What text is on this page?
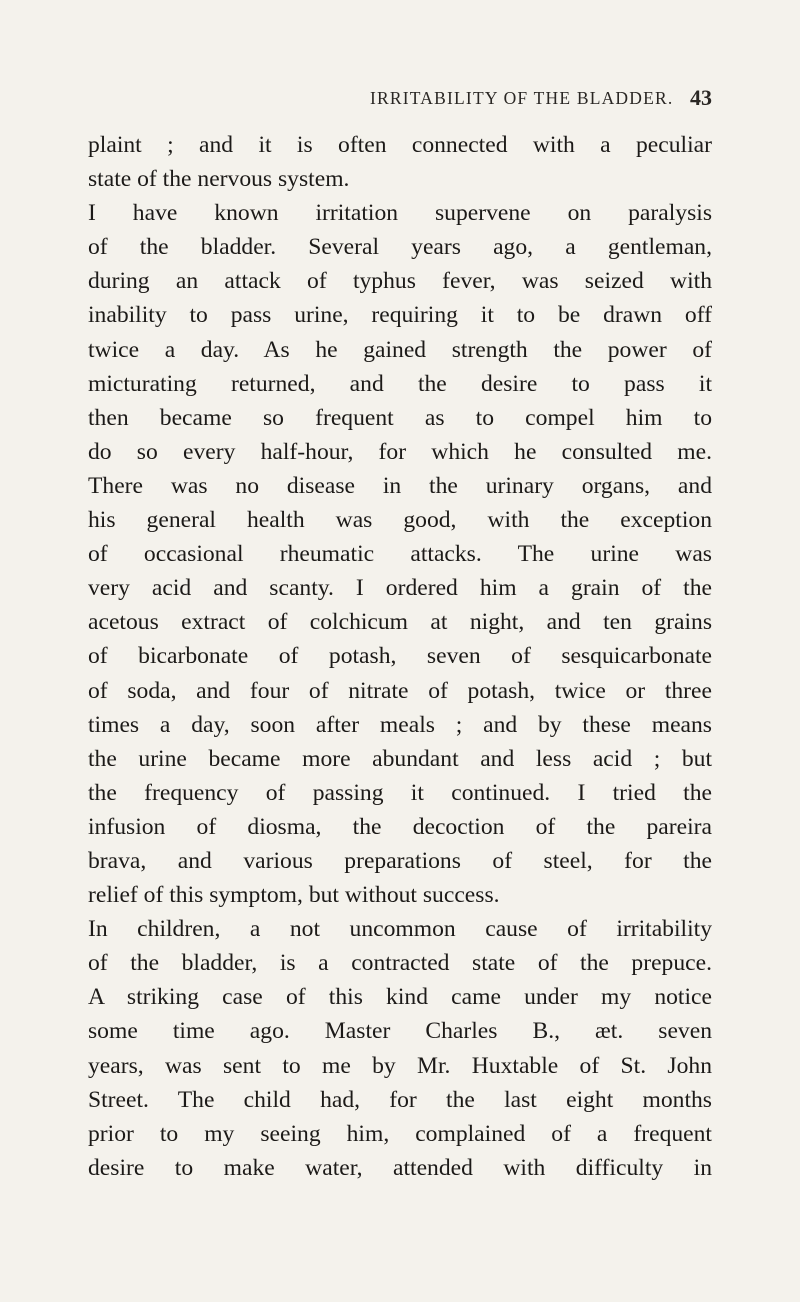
IRRITABILITY OF THE BLADDER. 43
plaint ; and it is often connected with a peculiar
state of the nervous system.
I have known irritation supervene on paralysis
of the bladder. Several years ago, a gentleman,
during an attack of typhus fever, was seized with
inability to pass urine, requiring it to be drawn off
twice a day. As he gained strength the power of
micturating returned, and the desire to pass it
then became so frequent as to compel him to
do so every half-hour, for which he consulted me.
There was no disease in the urinary organs, and
his general health was good, with the exception
of occasional rheumatic attacks. The urine was
very acid and scanty. I ordered him a grain of the
acetous extract of colchicum at night, and ten grains
of bicarbonate of potash, seven of sesquicarbonate
of soda, and four of nitrate of potash, twice or three
times a day, soon after meals ; and by these means
the urine became more abundant and less acid ; but
the frequency of passing it continued. I tried the
infusion of diosma, the decoction of the pareira
brava, and various preparations of steel, for the
relief of this symptom, but without success.
In children, a not uncommon cause of irritability
of the bladder, is a contracted state of the prepuce.
A striking case of this kind came under my notice
some time ago. Master Charles B., æt. seven
years, was sent to me by Mr. Huxtable of St. John
Street. The child had, for the last eight months
prior to my seeing him, complained of a frequent
desire to make water, attended with difficulty in
